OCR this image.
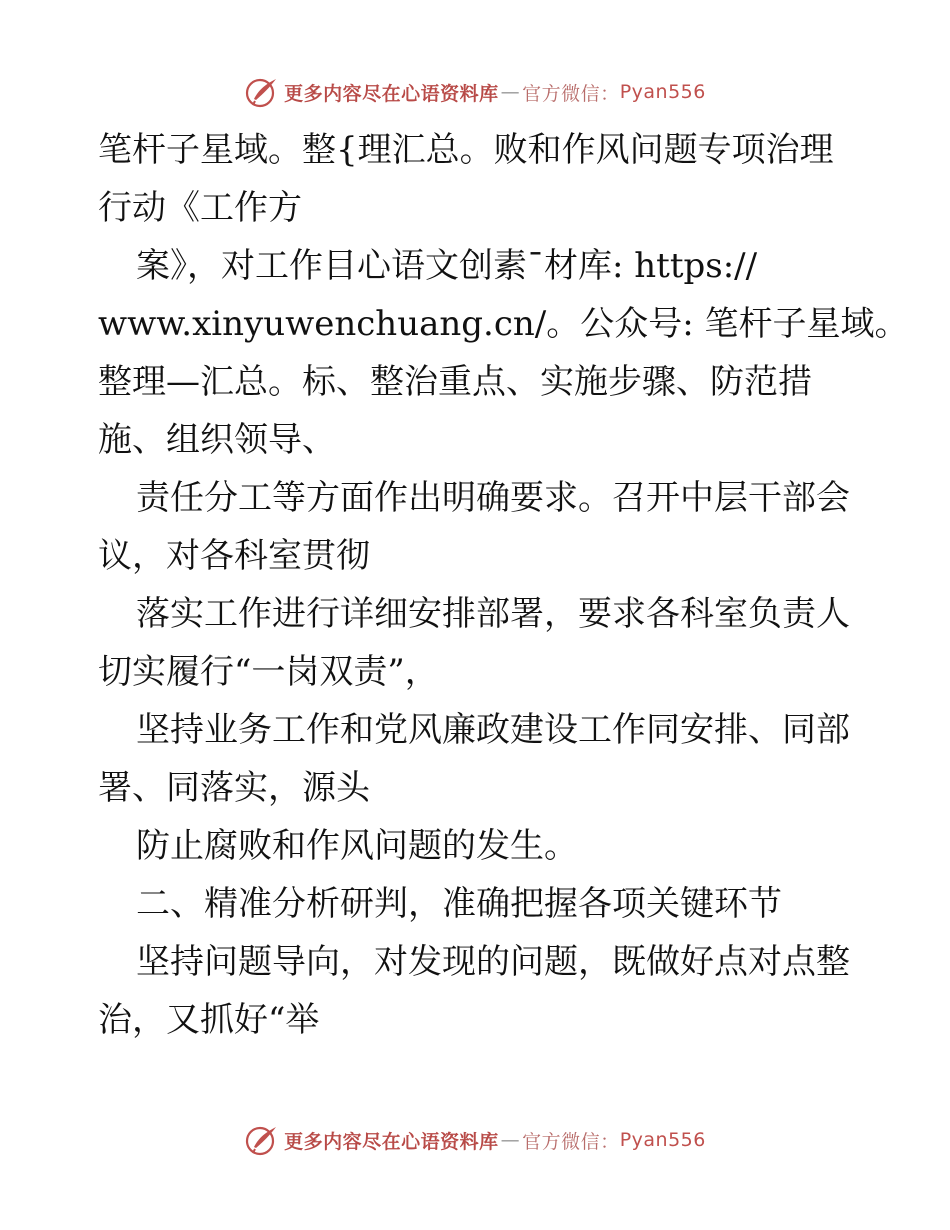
更多内容尽在心语资料库 — 官方微信： Pyan556
笔杆子星域。整{理汇总。败和作风问题专项治理
行动《工作方
案》，对工作目心语文创素¯材库: https://
www.xinyuwenchuang.cn/。公众号: 笔杆子星域。
整理—汇总。标、整治重点、实施步骤、防范措
施、组织领导、
责任分工等方面作出明确要求。召开中层干部会
议，对各科室贯彻
落实工作进行详细安排部署，要求各科室负责人
切实履行“一岗双责”，
坚持业务工作和党风廉政建设工作同安排、同部
署、同落实，源头
防止腐败和作风问题的发生。
二、精准分析研判，准确把握各项关键环节
坚持问题导向，对发现的问题，既做好点对点整
治，又抓好“举
更多内容尽在心语资料库 — 官方微信： Pyan556
